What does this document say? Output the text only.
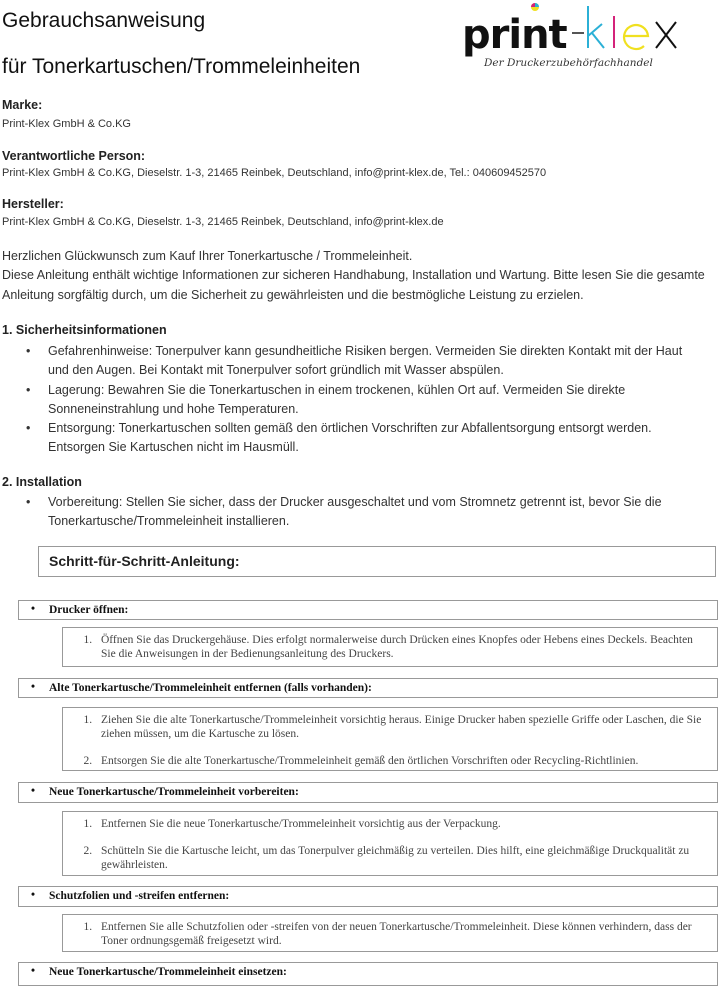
Gebrauchsanweisung
für Tonerkartuschen/Trommeleinheiten
print
Der Druckerzubehörfachhandel
Marke:
Print-Klex GmbH & Co.KG
Verantwortliche Person:
Print-Klex GmbH & Co.KG, Dieselstr. 1-3, 21465 Reinbek, Deutschland, info@print-klex.de, Tel.: 040609452570
Hersteller:
Print-Klex GmbH & Co.KG, Dieselstr. 1-3, 21465 Reinbek, Deutschland, info@print-klex.de
Herzlichen Glückwunsch zum Kauf Ihrer Tonerkartusche / Trommeleinheit.
Diese Anleitung enthält wichtige Informationen zur sicheren Handhabung, Installation und Wartung. Bitte lesen Sie die gesamte Anleitung sorgfältig durch, um die Sicherheit zu gewährleisten und die bestmögliche Leistung zu erzielen.
1. Sicherheitsinformationen
• Gefahrenhinweise: Tonerpulver kann gesundheitliche Risiken bergen. Vermeiden Sie direkten Kontakt mit der Haut und den Augen. Bei Kontakt mit Tonerpulver sofort gründlich mit Wasser abspülen.
• Lagerung: Bewahren Sie die Tonerkartuschen in einem trockenen, kühlen Ort auf. Vermeiden Sie direkte Sonneneinstrahlung und hohe Temperaturen.
• Entsorgung: Tonerkartuschen sollten gemäß den örtlichen Vorschriften zur Abfallentsorgung entsorgt werden. Entsorgen Sie Kartuschen nicht im Hausmüll.
2. Installation
• Vorbereitung: Stellen Sie sicher, dass der Drucker ausgeschaltet und vom Stromnetz getrennt ist, bevor Sie die Tonerkartusche/Trommeleinheit installieren.
Schritt-für-Schritt-Anleitung:
• Drucker öffnen:
1. Öffnen Sie das Druckergehäuse. Dies erfolgt normalerweise durch Drücken eines Knopfes oder Hebens eines Deckels. Beachten Sie die Anweisungen in der Bedienungsanleitung des Druckers.
• Alte Tonerkartusche/Trommeleinheit entfernen (falls vorhanden):
1. Ziehen Sie die alte Tonerkartusche/Trommeleinheit vorsichtig heraus. Einige Drucker haben spezielle Griffe oder Laschen, die Sie ziehen müssen, um die Kartusche zu lösen.
2. Entsorgen Sie die alte Tonerkartusche/Trommeleinheit gemäß den örtlichen Vorschriften oder Recycling-Richtlinien.
• Neue Tonerkartusche/Trommeleinheit vorbereiten:
1. Entfernen Sie die neue Tonerkartusche/Trommeleinheit vorsichtig aus der Verpackung.
2. Schütteln Sie die Kartusche leicht, um das Tonerpulver gleichmäßig zu verteilen. Dies hilft, eine gleichmäßige Druckqualität zu gewährleisten.
• Schutzfolien und -streifen entfernen:
1. Entfernen Sie alle Schutzfolien oder -streifen von der neuen Tonerkartusche/Trommeleinheit. Diese können verhindern, dass der Toner ordnungsgemäß freigesetzt wird.
• Neue Tonerkartusche/Trommeleinheit einsetzen:
